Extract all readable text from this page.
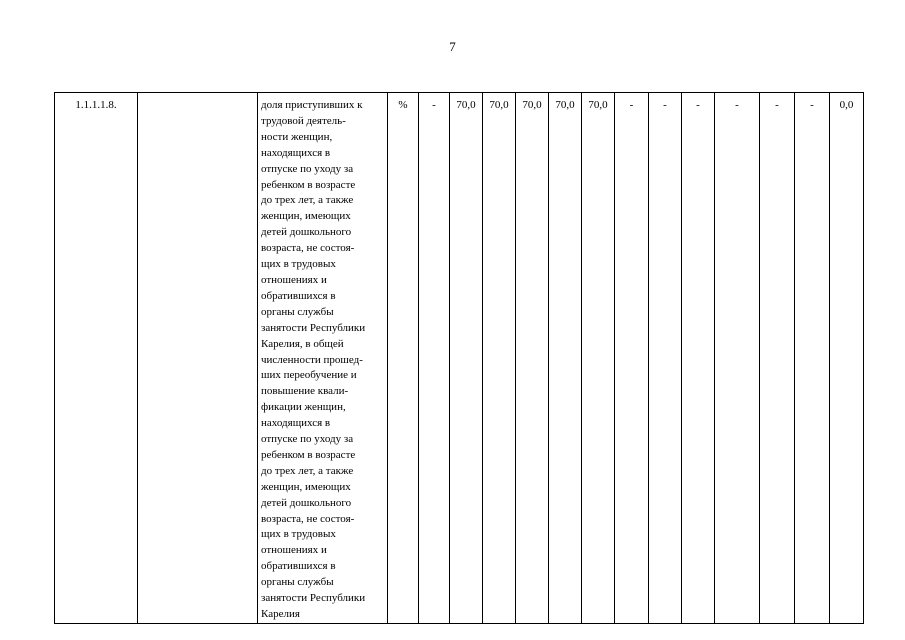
7
1.1.1.1.8.		доля приступивших к
трудовой деятель-
ности женщин,
находящихся в
отпуске по уходу за
ребенком в возрасте
до трех лет, а также
женщин, имеющих
детей дошкольного
возраста, не состоя-
щих в трудовых
отношениях и
обратившихся в
органы службы
занятости Республики
Карелия, в общей
численности прошед-
ших переобучение и
повышение квали-
фикации женщин,
находящихся в
отпуске по уходу за
ребенком в возрасте
до трех лет, а также
женщин, имеющих
детей дошкольного
возраста, не состоя-
щих в трудовых
отношениях и
обратившихся в
органы службы
занятости Республики
Карелия
	%	-	70,0	70,0	70,0	70,0	70,0	-	-	-	-	-	-	0,0
